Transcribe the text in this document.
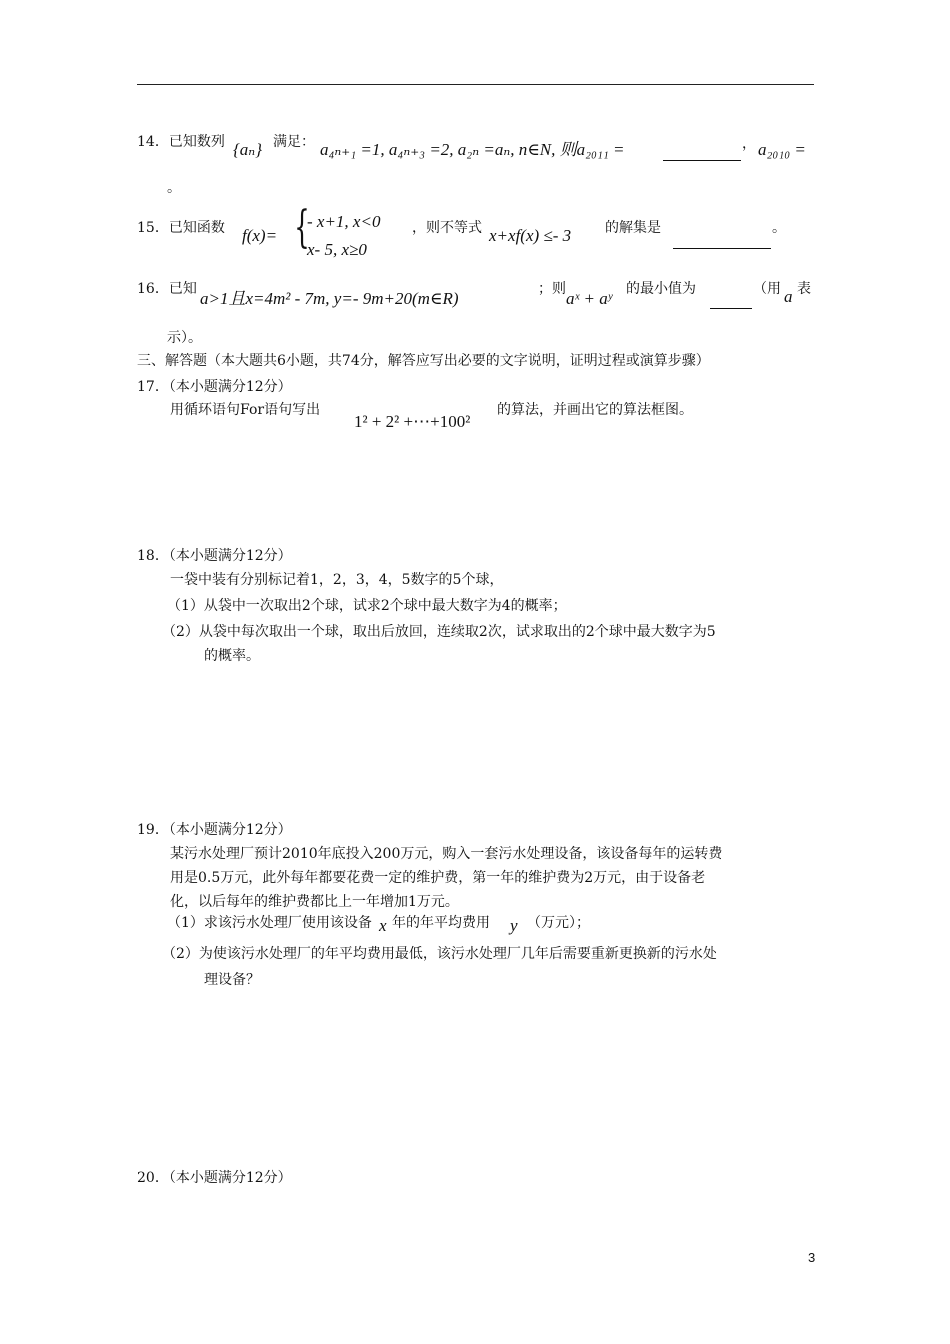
14．已知数列 {aₙ} 满足： a₄ₙ₊₁ =1, a₄ₙ₊₃ =2, a₂ₙ =aₙ, n∈N, 则a₂₀₁₁ =	， a₂₀₁₀ =
。
15．已知函数 f(x)= {
- x+1, x<0
x- 5, x≥0
，则不等式 x+xf(x) ≤- 3 的解集是	。
16．已知 a>1且x=4m² - 7m, y=- 9m+20(m∈R)	；则 aˣ + aʸ 的最小值为	（用 a 表
示）。
三、解答题（本大题共6小题，共74分，解答应写出必要的文字说明，证明过程或演算步骤）
17．（本小题满分12分）
用循环语句For语句写出
1² + 2² +⋯+100²
的算法，并画出它的算法框图。
18．（本小题满分12分）
一袋中装有分别标记着1，2，3，4，5数字的5个球，
（1）从袋中一次取出2个球，试求2个球中最大数字为4的概率；
（2）从袋中每次取出一个球，取出后放回，连续取2次，试求取出的2个球中最大数字为5
的概率。
19．（本小题满分12分）
某污水处理厂预计2010年底投入200万元，购入一套污水处理设备，该设备每年的运转费
用是0.5万元，此外每年都要花费一定的维护费，第一年的维护费为2万元，由于设备老
化，以后每年的维护费都比上一年增加1万元。
（1）求该污水处理厂使用该设备 x 年的年平均费用 y （万元）；
（2）为使该污水处理厂的年平均费用最低，该污水处理厂几年后需要重新更换新的污水处
理设备？
20．（本小题满分12分）
3
